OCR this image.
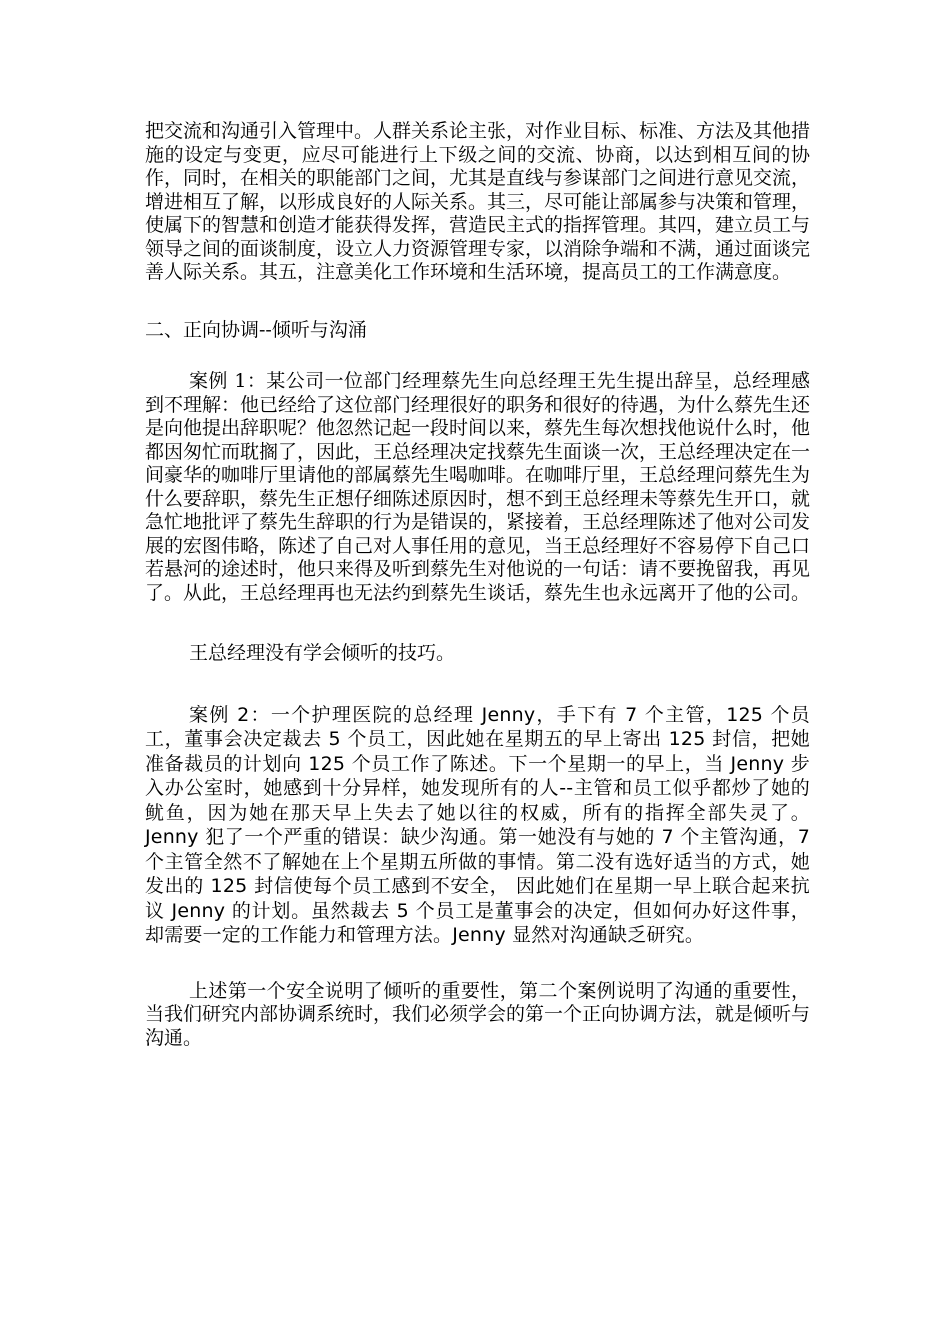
把交流和沟通引入管理中。人群关系论主张，对作业目标、标准、方法及其他措施的设定与变更，应尽可能进行上下级之间的交流、协商，以达到相互间的协作，同时，在相关的职能部门之间，尤其是直线与参谋部门之间进行意见交流，增进相互了解，以形成良好的人际关系。其三，尽可能让部属参与决策和管理，使属下的智慧和创造才能获得发挥，营造民主式的指挥管理。其四，建立员工与领导之间的面谈制度，设立人力资源管理专家，以消除争端和不满，通过面谈完善人际关系。其五，注意美化工作环境和生活环境，提高员工的工作满意度。

二、正向协调--倾听与沟涌

案例 1：某公司一位部门经理蔡先生向总经理王先生提出辞呈，总经理感到不理解：他已经给了这位部门经理很好的职务和很好的待遇，为什么蔡先生还是向他提出辞职呢？他忽然记起一段时间以来，蔡先生每次想找他说什么时，他都因匆忙而耽搁了，因此，王总经理决定找蔡先生面谈一次，王总经理决定在一间豪华的咖啡厅里请他的部属蔡先生喝咖啡。在咖啡厅里，王总经理问蔡先生为什么要辞职，蔡先生正想仔细陈述原因时，想不到王总经理未等蔡先生开口，就急忙地批评了蔡先生辞职的行为是错误的，紧接着，王总经理陈述了他对公司发展的宏图伟略，陈述了自己对人事任用的意见，当王总经理好不容易停下自己口若悬河的途述时，他只来得及听到蔡先生对他说的一句话：请不要挽留我，再见了。从此，王总经理再也无法约到蔡先生谈话，蔡先生也永远离开了他的公司。

王总经理没有学会倾听的技巧。

案例 2：一个护理医院的总经理 Jenny，手下有 7 个主管，125 个员工，董事会决定裁去 5 个员工，因此她在星期五的早上寄出 125 封信，把她准备裁员的计划向 125 个员工作了陈述。下一个星期一的早上，当 Jenny 步入办公室时，她感到十分异样，她发现所有的人--主管和员工似乎都炒了她的鱿鱼，因为她在那天早上失去了她以往的权威，所有的指挥全部失灵了。Jenny 犯了一个严重的错误：缺少沟通。第一她没有与她的 7 个主管沟通，7 个主管全然不了解她在上个星期五所做的事情。第二没有选好适当的方式，她发出的 125 封信使每个员工感到不安全， 因此她们在星期一早上联合起来抗议 Jenny 的计划。虽然裁去 5 个员工是董事会的决定，但如何办好这件事， 却需要一定的工作能力和管理方法。Jenny 显然对沟通缺乏研究。

上述第一个安全说明了倾听的重要性，第二个案例说明了沟通的重要性，当我们研究内部协调系统时，我们必须学会的第一个正向协调方法，就是倾听与沟通。
